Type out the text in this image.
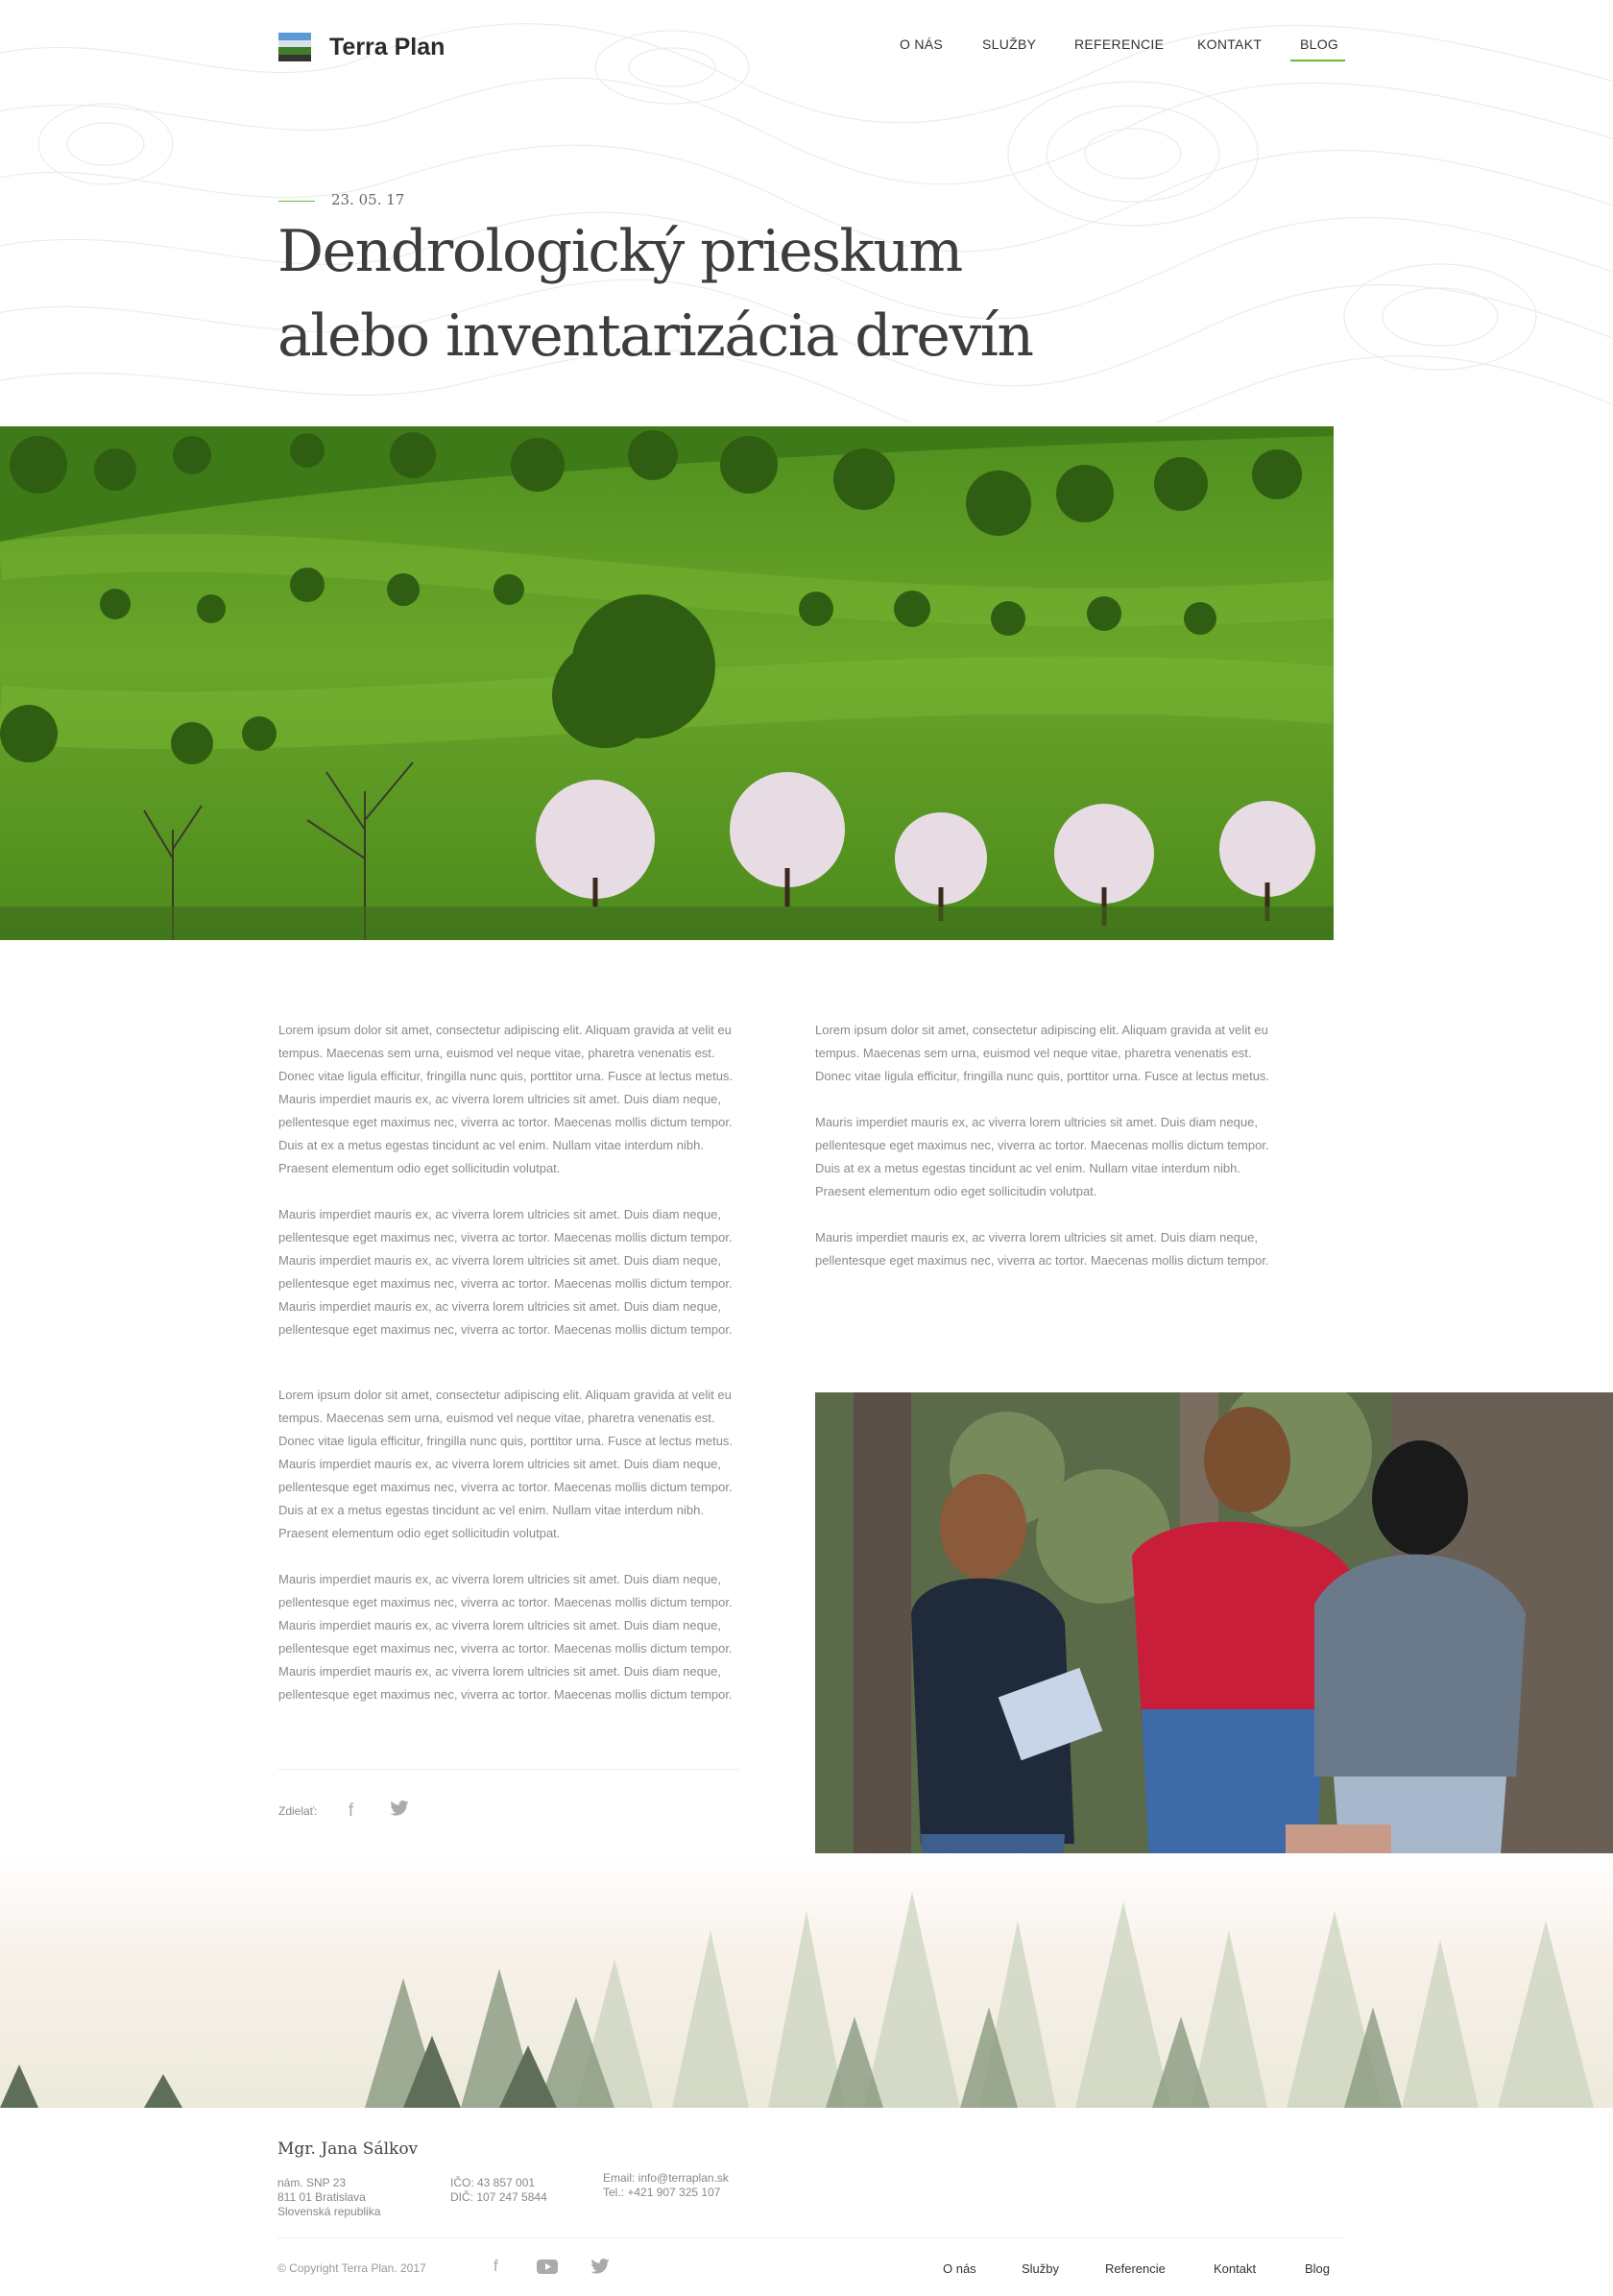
Terra Plan	O NÁS	SLUŽBY	REFERENCIE KONTAKT	BLOG
23. 05. 17
Dendrologický prieskum
alebo inventarizácia drevín

Lorem ipsum dolor sit amet, consectetur adipiscing elit. Aliquam gravida at velit eu tempus. Maecenas sem urna, euismod vel neque vitae, pharetra venenatis est. Donec vitae ligula efficitur, fringilla nunc quis, porttitor urna. Fusce at lectus metus. Mauris imperdiet mauris ex, ac viverra lorem ultricies sit amet. Duis diam neque, pellentesque eget maximus nec, viverra ac tortor. Maecenas mollis dictum tempor. Duis at ex a metus egestas tincidunt ac vel enim. Nullam vitae interdum nibh. Praesent elementum odio eget sollicitudin volutpat.

Mauris imperdiet mauris ex, ac viverra lorem ultricies sit amet. Duis diam neque, pellentesque eget maximus nec, viverra ac tortor. Maecenas mollis dictum tempor. Mauris imperdiet mauris ex, ac viverra lorem ultricies sit amet. Duis diam neque, pellentesque eget maximus nec, viverra ac tortor. Maecenas mollis dictum tempor. Mauris imperdiet mauris ex, ac viverra lorem ultricies sit amet. Duis diam neque, pellentesque eget maximus nec, viverra ac tortor. Maecenas mollis dictum tempor.

Lorem ipsum dolor sit amet, consectetur adipiscing elit. Aliquam gravida at velit eu tempus. Maecenas sem urna, euismod vel neque vitae, pharetra venenatis est. Donec vitae ligula efficitur, fringilla nunc quis, porttitor urna. Fusce at lectus metus.

Mauris imperdiet mauris ex, ac viverra lorem ultricies sit amet. Duis diam neque, pellentesque eget maximus nec, viverra ac tortor. Maecenas mollis dictum tempor. Duis at ex a metus egestas tincidunt ac vel enim. Nullam vitae interdum nibh. Praesent elementum odio eget sollicitudin volutpat.

Mauris imperdiet mauris ex, ac viverra lorem ultricies sit amet. Duis diam neque, pellentesque eget maximus nec, viverra ac tortor. Maecenas mollis dictum tempor.

Lorem ipsum dolor sit amet, consectetur adipiscing elit. Aliquam gravida at velit eu tempus. Maecenas sem urna, euismod vel neque vitae, pharetra venenatis est. Donec vitae ligula efficitur, fringilla nunc quis, porttitor urna. Fusce at lectus metus. Mauris imperdiet mauris ex, ac viverra lorem ultricies sit amet. Duis diam neque, pellentesque eget maximus nec, viverra ac tortor. Maecenas mollis dictum tempor. Duis at ex a metus egestas tincidunt ac vel enim. Nullam vitae interdum nibh. Praesent elementum odio eget sollicitudin volutpat.

Mauris imperdiet mauris ex, ac viverra lorem ultricies sit amet. Duis diam neque, pellentesque eget maximus nec, viverra ac tortor. Maecenas mollis dictum tempor. Mauris imperdiet mauris ex, ac viverra lorem ultricies sit amet. Duis diam neque, pellentesque eget maximus nec, viverra ac tortor. Maecenas mollis dictum tempor. Mauris imperdiet mauris ex, ac viverra lorem ultricies sit amet. Duis diam neque, pellentesque eget maximus nec, viverra ac tortor. Maecenas mollis dictum tempor.

Zdielať: f
Mgr. Jana Sálkov
nám. SNP 23
811 01 Bratislava
Slovenská republika
IČO: 43 857 001
DIČ: 107 247 5844
Email: info@terraplan.sk
Tel.: +421 907 325 107
© Copyright Terra Plan. 2017	f	O nás	Služby	Referencie	Kontakt	Blog
